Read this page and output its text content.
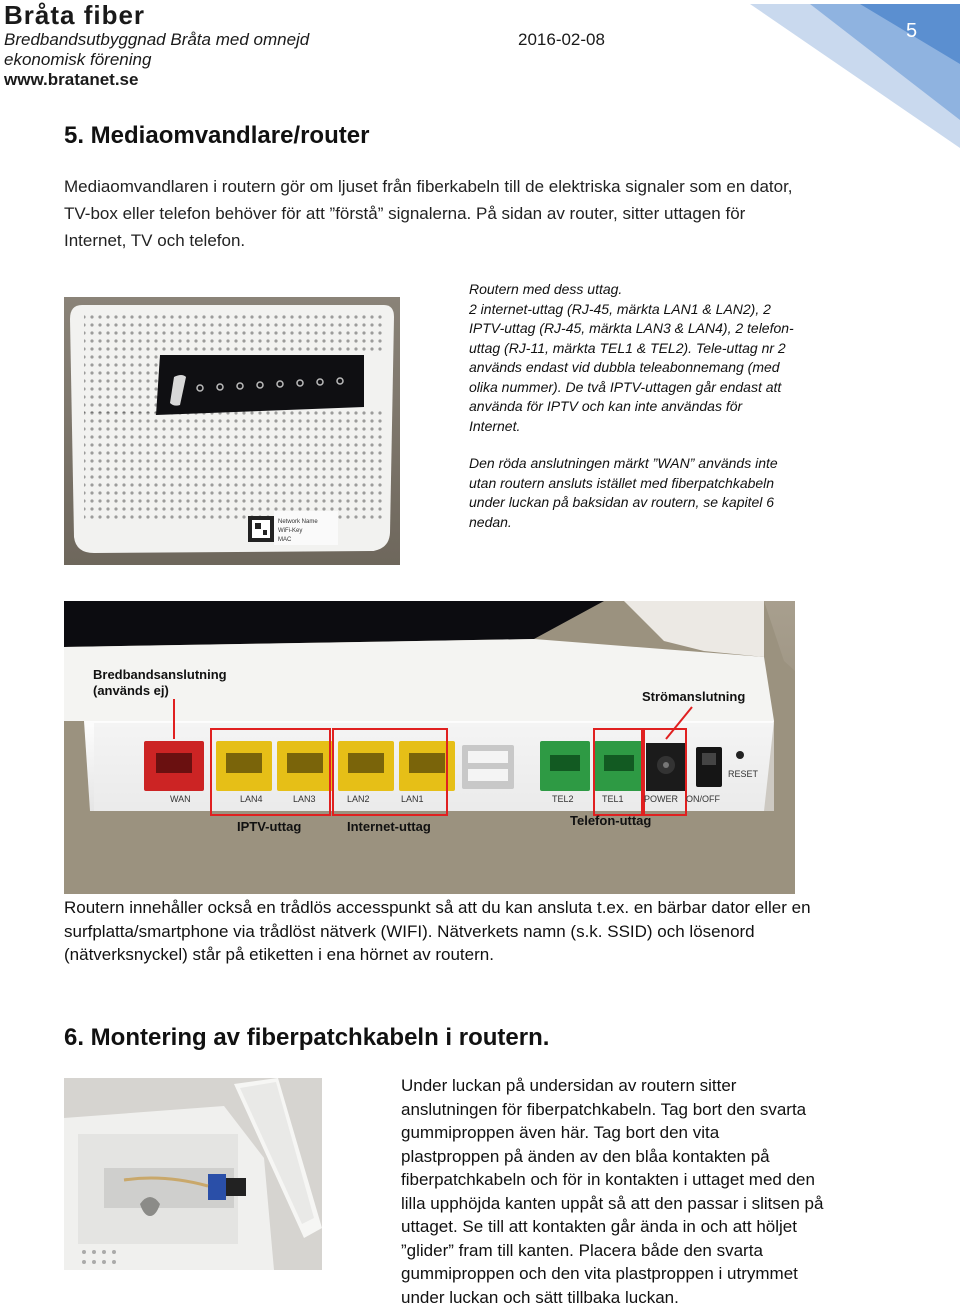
Bråta fiber
Bredbandsutbyggnad Bråta med omnejd
ekonomisk förening
www.bratanet.se
2016-02-08	5
5. Mediaomvandlare/router
Mediaomvandlaren i routern gör om ljuset från fiberkabeln till de elektriska signaler som en dator,
TV-box eller telefon behöver för att ”förstå” signalerna. På sidan av router, sitter uttagen för
Internet, TV och telefon.
Network Name
WiFi-Key
MAC
Routern med dess uttag.
2 internet-uttag (RJ-45, märkta LAN1 & LAN2), 2
IPTV-uttag (RJ-45, märkta LAN3 & LAN4), 2 telefon-
uttag (RJ-11, märkta TEL1 & TEL2). Tele-uttag nr 2
används endast vid dubbla teleabonnemang (med
olika nummer). De två IPTV-uttagen går endast att
använda för IPTV och kan inte användas för
Internet.
Den röda anslutningen märkt ”WAN” används inte
utan routern ansluts istället med fiberpatchkabeln
under luckan på baksidan av routern, se kapitel 6
nedan.
Bredbandsanslutning
(används ej)	Strömanslutning
IPTV-uttag	Internet-uttag	Telefon-uttag
WAN	LAN4	LAN3	LAN2	LAN1	TEL2	TEL1 POWER ON/OFF
RESET
Routern innehåller också en trådlös accesspunkt så att du kan ansluta t.ex. en bärbar dator eller en
surfplatta/smartphone via trådlöst nätverk (WIFI). Nätverkets namn (s.k. SSID) och lösenord
(nätverksnyckel) står på etiketten i ena hörnet av routern.
6. Montering av fiberpatchkabeln i routern.
Under luckan på undersidan av routern sitter
anslutningen för fiberpatchkabeln. Tag bort den svarta
gummiproppen även här. Tag bort den vita
plastproppen på änden av den blåa kontakten på
fiberpatchkabeln och för in kontakten i uttaget med den
lilla upphöjda kanten uppåt så att den passar i slitsen på
uttaget. Se till att kontakten går ända in och att höljet
”glider” fram till kanten. Placera både den svarta
gummiproppen och den vita plastproppen i utrymmet
under luckan och sätt tillbaka luckan.
